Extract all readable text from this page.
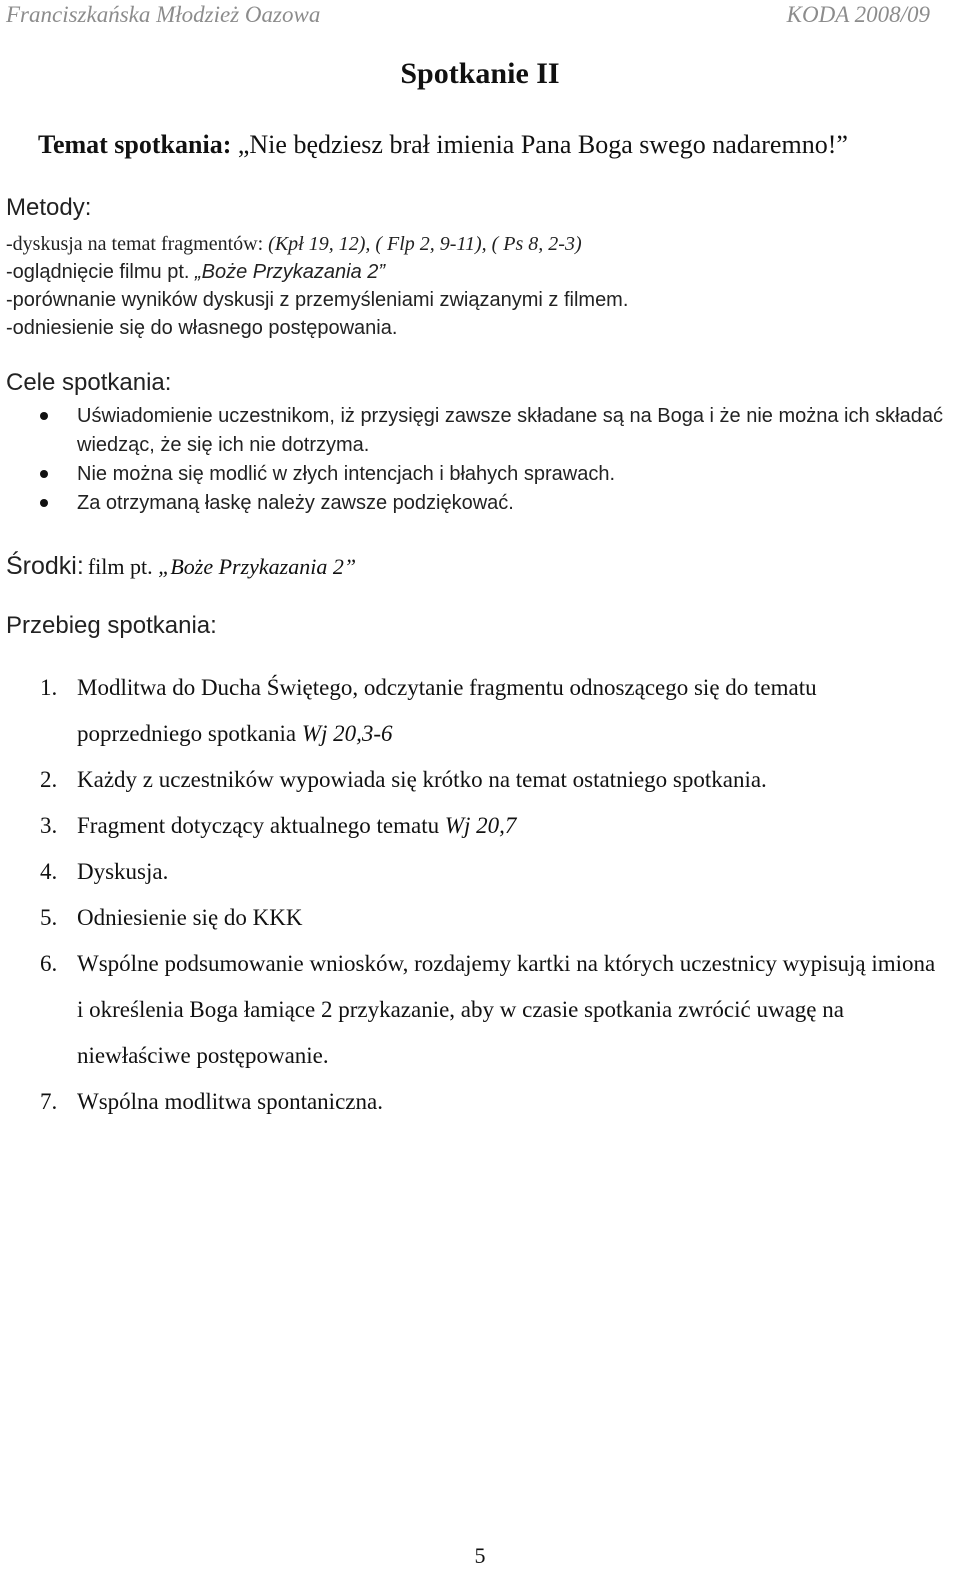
Franciszkańska Młodzież Oazowa	KODA 2008/09
Spotkanie II
Temat spotkania: „Nie będziesz brał imienia Pana Boga swego nadaremno!”
Metody:
-dyskusja na temat fragmentów: (Kpł 19, 12), ( Flp 2, 9-11), ( Ps 8, 2-3)
-oglądnięcie filmu pt. „Boże Przykazania 2”
-porównanie wyników dyskusji z przemyśleniami związanymi z filmem.
-odniesienie się do własnego postępowania.
Cele spotkania:
Uświadomienie uczestnikom, iż przysięgi zawsze składane są na Boga i że nie można ich składać wiedząc, że się ich nie dotrzyma.
Nie można się modlić w złych intencjach i błahych sprawach.
Za otrzymaną łaskę należy zawsze podziękować.
Środki: film pt. „Boże Przykazania 2”
Przebieg spotkania:
1. Modlitwa do Ducha Świętego, odczytanie fragmentu odnoszącego się do tematu poprzedniego spotkania Wj 20,3-6
2. Każdy z uczestników wypowiada się krótko na temat ostatniego spotkania.
3. Fragment dotyczący aktualnego tematu Wj 20,7
4. Dyskusja.
5. Odniesienie się do KKK
6. Wspólne podsumowanie wniosków, rozdajemy kartki na których uczestnicy wypisują imiona i określenia Boga łamiące 2 przykazanie, aby w czasie spotkania zwrócić uwagę na niewłaściwe postępowanie.
7. Wspólna modlitwa spontaniczna.
5
